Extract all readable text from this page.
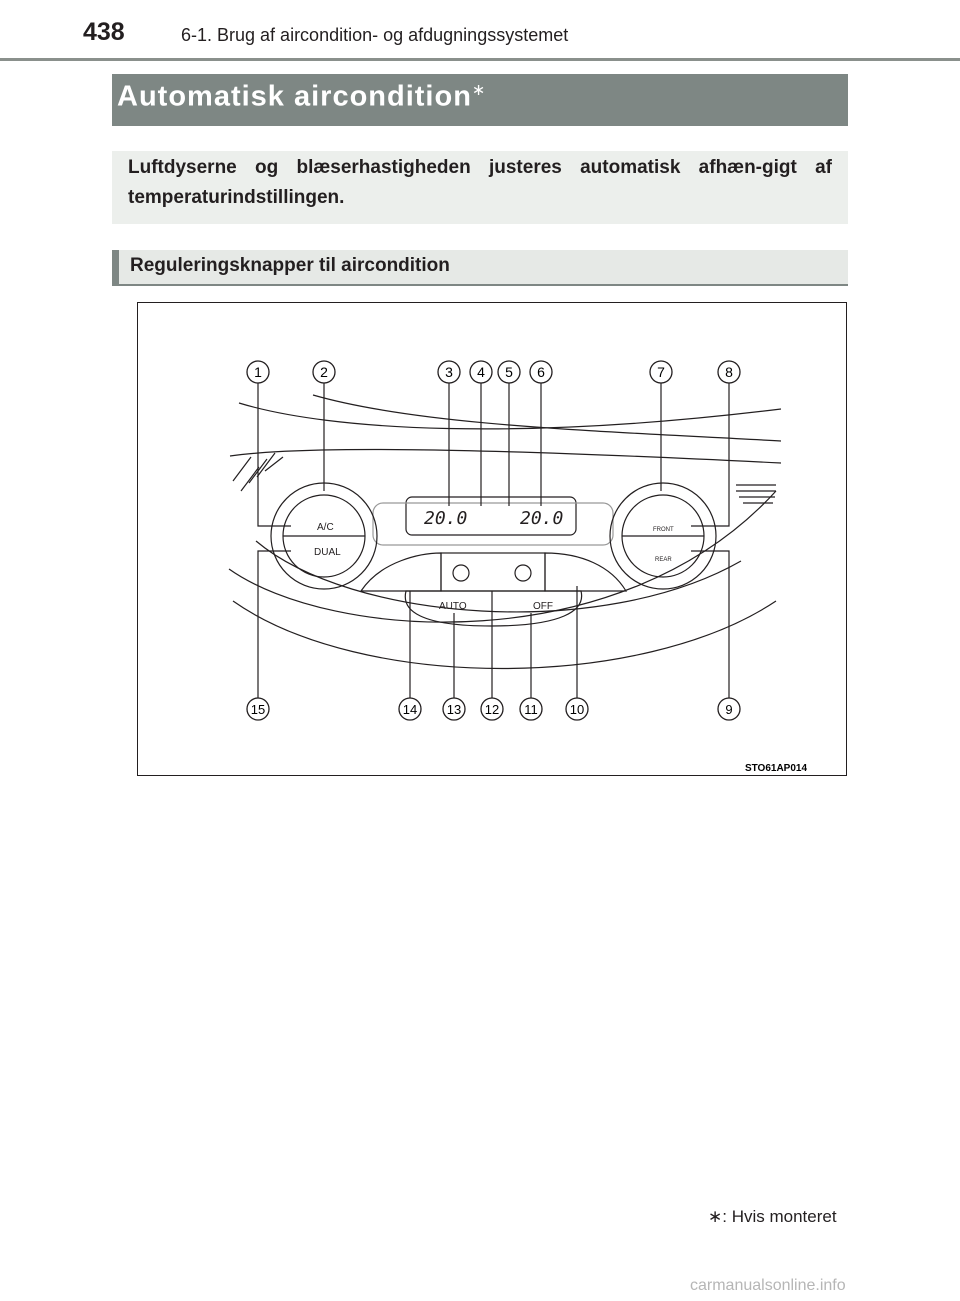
438	6-1. Brug af aircondition- og afdugningssystemet
Automatisk aircondition∗
Luftdyserne og blæserhastigheden justeres automatisk afhæn-gigt af temperaturindstillingen.
Reguleringsknapper til aircondition
A/C
DUAL
AUTO	OFF
FRONT
REAR
20.0	20.0
1	2	3 4 5 6	7	8
15	14 13 12 11 10	9
STO61AP014
∗: Hvis monteret
carmanualsonline.info
